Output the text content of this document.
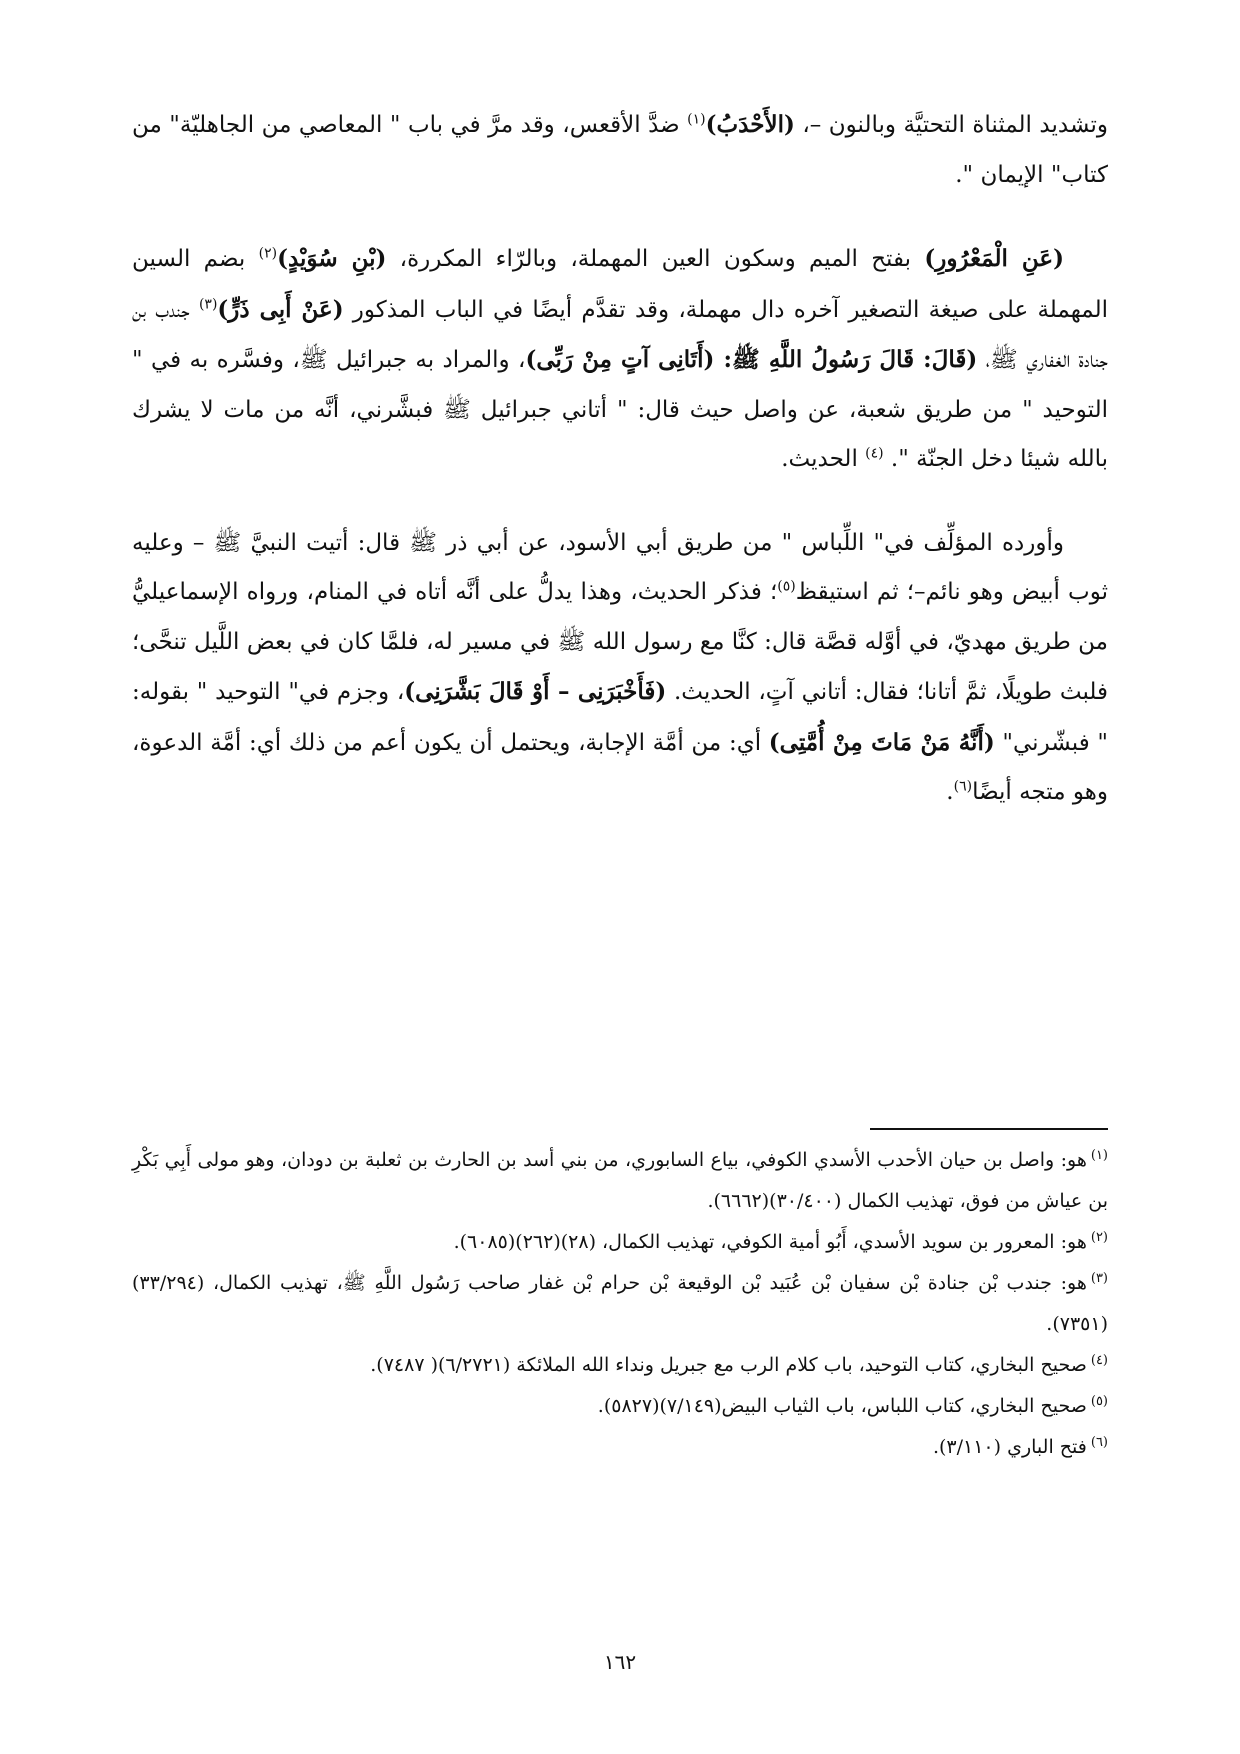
وتشديد المثناة التحتيَّة وبالنون –، (الأَحْدَبُ)$^{(١)}$ ضدَّ الأقعس، وقد مرَّ في باب " المعاصي من الجاهليّة" من كتاب" الإيمان ".

(عَنِ الْمَعْرُورِ) بفتح الميم وسكون العين المهملة، وبالرّاء المكررة، (بْنِ سُوَيْدٍ)$^{(٢)}$ بضم السين المهملة على صيغة التصغير آخره دال مهملة، وقد تقدَّم أيضًا في الباب المذكور (عَنْ أَبِى ذَرٍّ)$^{(٣)}$ جندب بن جنادة الغفاري ﷺ، (قَالَ: قَالَ رَسُولُ اللَّهِ ﷺ: (أَتَانِى آتٍ مِنْ رَبِّى)، والمراد به جبرائيل ﷺ، وفسَّره به في " التوحيد " من طريق شعبة، عن واصل حيث قال: " أتاني جبرائيل ﷺ فبشَّرني، أنَّه من مات لا يشرك بالله شيئا دخل الجنّة ". $^{(٤)}$ الحديث.

وأورده المؤلِّف في" اللِّباس " من طريق أبي الأسود، عن أبي ذر ﷺ قال: أتيت النبيَّ ﷺ – وعليه ثوب أبيض وهو نائم–؛ ثم استيقظ$^{(٥)}$؛ فذكر الحديث، وهذا يدلُّ على أنَّه أتاه في المنام، ورواه الإسماعيليُّ من طريق مهديّ، في أوَّله قصَّة قال: كنَّا مع رسول الله ﷺ في مسير له، فلمَّا كان في بعض اللَّيل تنحَّى؛ فلبث طويلًا، ثمَّ أتانا؛ فقال: أتاني آتٍ، الحديث. (فَأَخْبَرَنِى – أَوْ قَالَ بَشَّرَنِى)، وجزم في" التوحيد " بقوله: " فبشّرني" (أَنَّهُ مَنْ مَاتَ مِنْ أُمَّتِى) أي: من أمَّة الإجابة، ويحتمل أن يكون أعم من ذلك أي: أمَّة الدعوة، وهو متجه أيضًا$^{(٦)}$.

$^{(١)}$هو: واصل بن حيان الأحدب الأسدي الكوفي، بياع السابوري، من بني أسد بن الحارث بن ثعلبة بن دودان، وهو مولى أَبِي بَكْرِ بن عياش من فوق، تهذيب الكمال (٣٠/٤٠٠)(٦٦٦٢).

$^{(٢)}$هو: المعرور بن سويد الأسدي، أَبُو أمية الكوفي، تهذيب الكمال، (٢٨)(٢٦٢)(٦٠٨٥).

$^{(٣)}$هو: جندب بْن جنادة بْن سفيان بْن عُبَيد بْن الوقيعة بْن حرام بْن غفار صاحب رَسُول اللَّهِ ﷺ، تهذيب الكمال، (٣٣/٢٩٤)(٧٣٥١).

$^{(٤)}$صحيح البخاري، كتاب التوحيد، باب كلام الرب مع جبريل ونداء الله الملائكة (٦/٢٧٢١)( ٧٤٨٧).

$^{(٥)}$صحيح البخاري، كتاب اللباس، باب الثياب البيض(٧/١٤٩)(٥٨٢٧).

$^{(٦)}$فتح الباري (٣/١١٠).

١٦٢
